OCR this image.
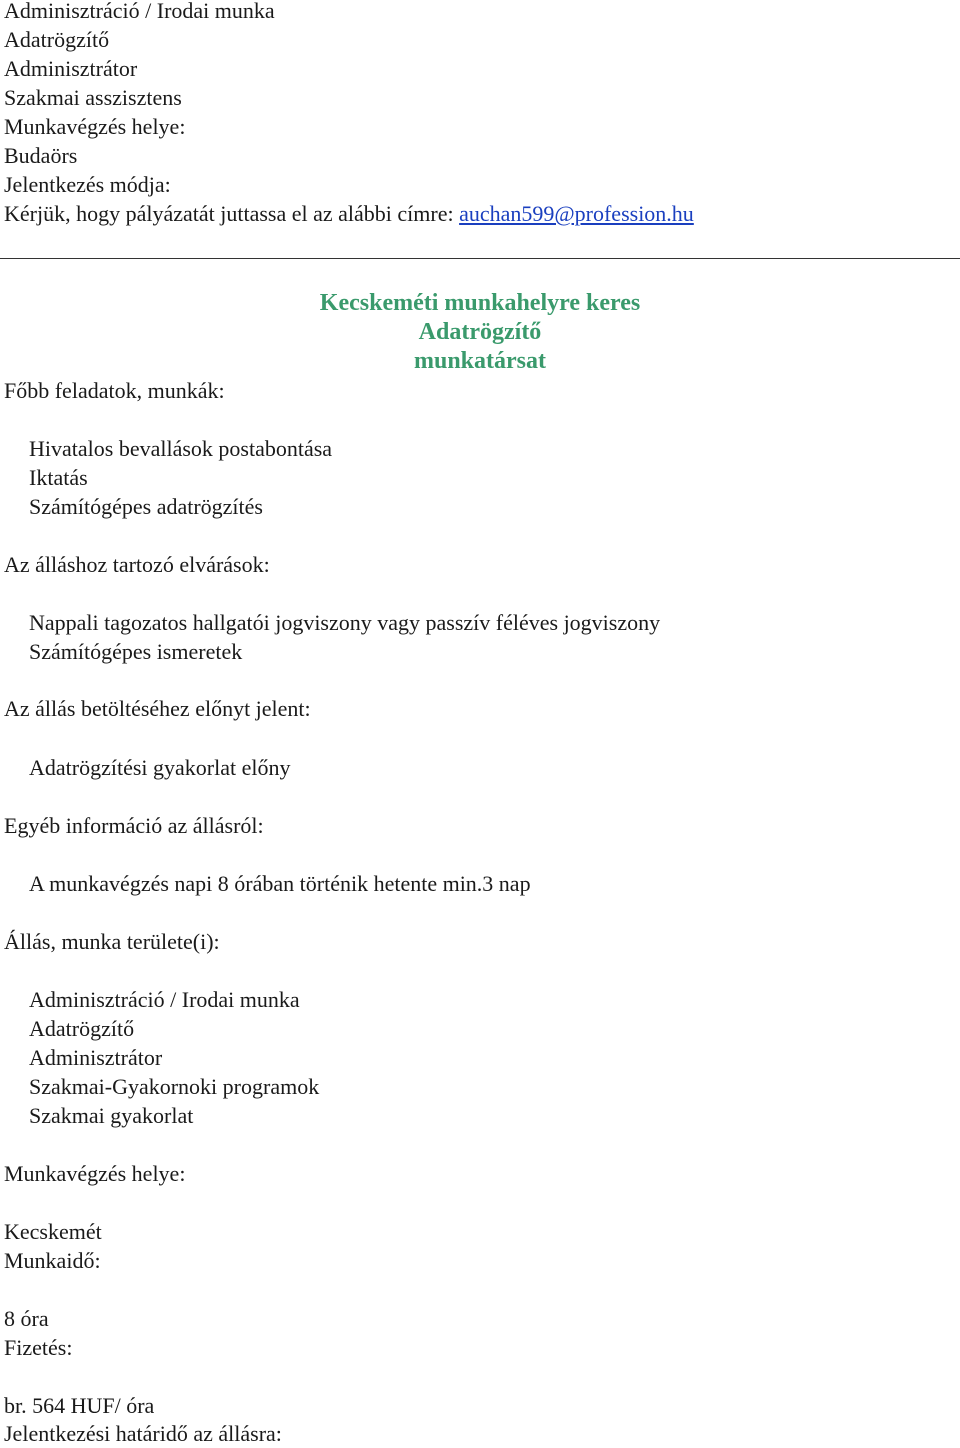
Adminisztráció / Irodai munka
Adatrögzítő
Adminisztrátor
Szakmai asszisztens
Munkavégzés helye:
Budaörs
Jelentkezés módja:
Kérjük, hogy pályázatát juttassa el az alábbi címre: auchan599@profession.hu
Kecskeméti munkahelyre keres
Adatrögzítő
munkatársat
Főbb feladatok, munkák:
Hivatalos bevallások postabontása
Iktatás
Számítógépes adatrögzítés
Az álláshoz tartozó elvárások:
Nappali tagozatos hallgatói jogviszony vagy passzív féléves jogviszony
Számítógépes ismeretek
Az állás betöltéséhez előnyt jelent:
Adatrögzítési gyakorlat előny
Egyéb információ az állásról:
A munkavégzés napi 8 órában történik hetente min.3 nap
Állás, munka területe(i):
Adminisztráció / Irodai munka
Adatrögzítő
Adminisztrátor
Szakmai-Gyakornoki programok
Szakmai gyakorlat
Munkavégzés helye:
Kecskemét
Munkaidő:
8 óra
Fizetés:
br. 564 HUF/ óra
Jelentkezési határidő az állásra:
